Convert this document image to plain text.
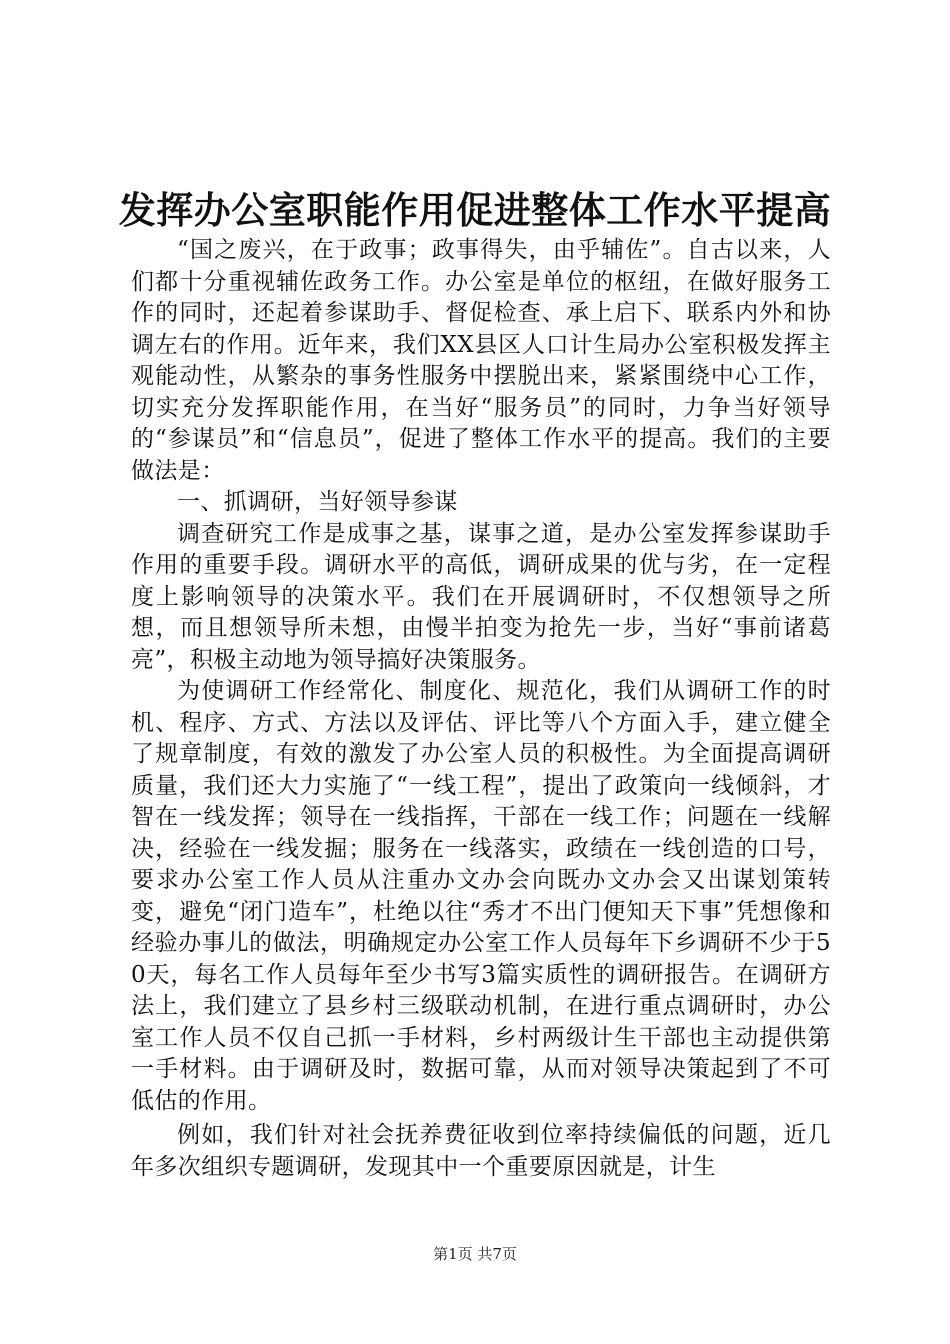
发挥办公室职能作用促进整体工作水平提高

“国之废兴，在于政事；政事得失，由乎辅佐”。自古以来，人们都十分重视辅佐政务工作。办公室是单位的枢纽，在做好服务工作的同时，还起着参谋助手、督促检查、承上启下、联系内外和协调左右的作用。近年来，我们XX县区人口计生局办公室积极发挥主观能动性，从繁杂的事务性服务中摆脱出来，紧紧围绕中心工作，切实充分发挥职能作用，在当好“服务员”的同时，力争当好领导的“参谋员”和“信息员”，促进了整体工作水平的提高。我们的主要做法是：

一、抓调研，当好领导参谋

调查研究工作是成事之基，谋事之道，是办公室发挥参谋助手作用的重要手段。调研水平的高低，调研成果的优与劣，在一定程度上影响领导的决策水平。我们在开展调研时，不仅想领导之所想，而且想领导所未想，由慢半拍变为抢先一步，当好“事前诸葛亮”，积极主动地为领导搞好决策服务。

为使调研工作经常化、制度化、规范化，我们从调研工作的时机、程序、方式、方法以及评估、评比等八个方面入手，建立健全了规章制度，有效的激发了办公室人员的积极性。为全面提高调研质量，我们还大力实施了“一线工程”，提出了政策向一线倾斜，才智在一线发挥；领导在一线指挥，干部在一线工作；问题在一线解决，经验在一线发掘；服务在一线落实，政绩在一线创造的口号，要求办公室工作人员从注重办文办会向既办文办会又出谋划策转变，避免“闭门造车”，杜绝以往“秀才不出门便知天下事”凭想像和经验办事儿的做法，明确规定办公室工作人员每年下乡调研不少于50天，每名工作人员每年至少书写3篇实质性的调研报告。在调研方法上，我们建立了县乡村三级联动机制，在进行重点调研时，办公室工作人员不仅自己抓一手材料，乡村两级计生干部也主动提供第一手材料。由于调研及时，数据可靠，从而对领导决策起到了不可低估的作用。

例如，我们针对社会抚养费征收到位率持续偏低的问题，近几年多次组织专题调研，发现其中一个重要原因就是，计生

第1页 共7页
